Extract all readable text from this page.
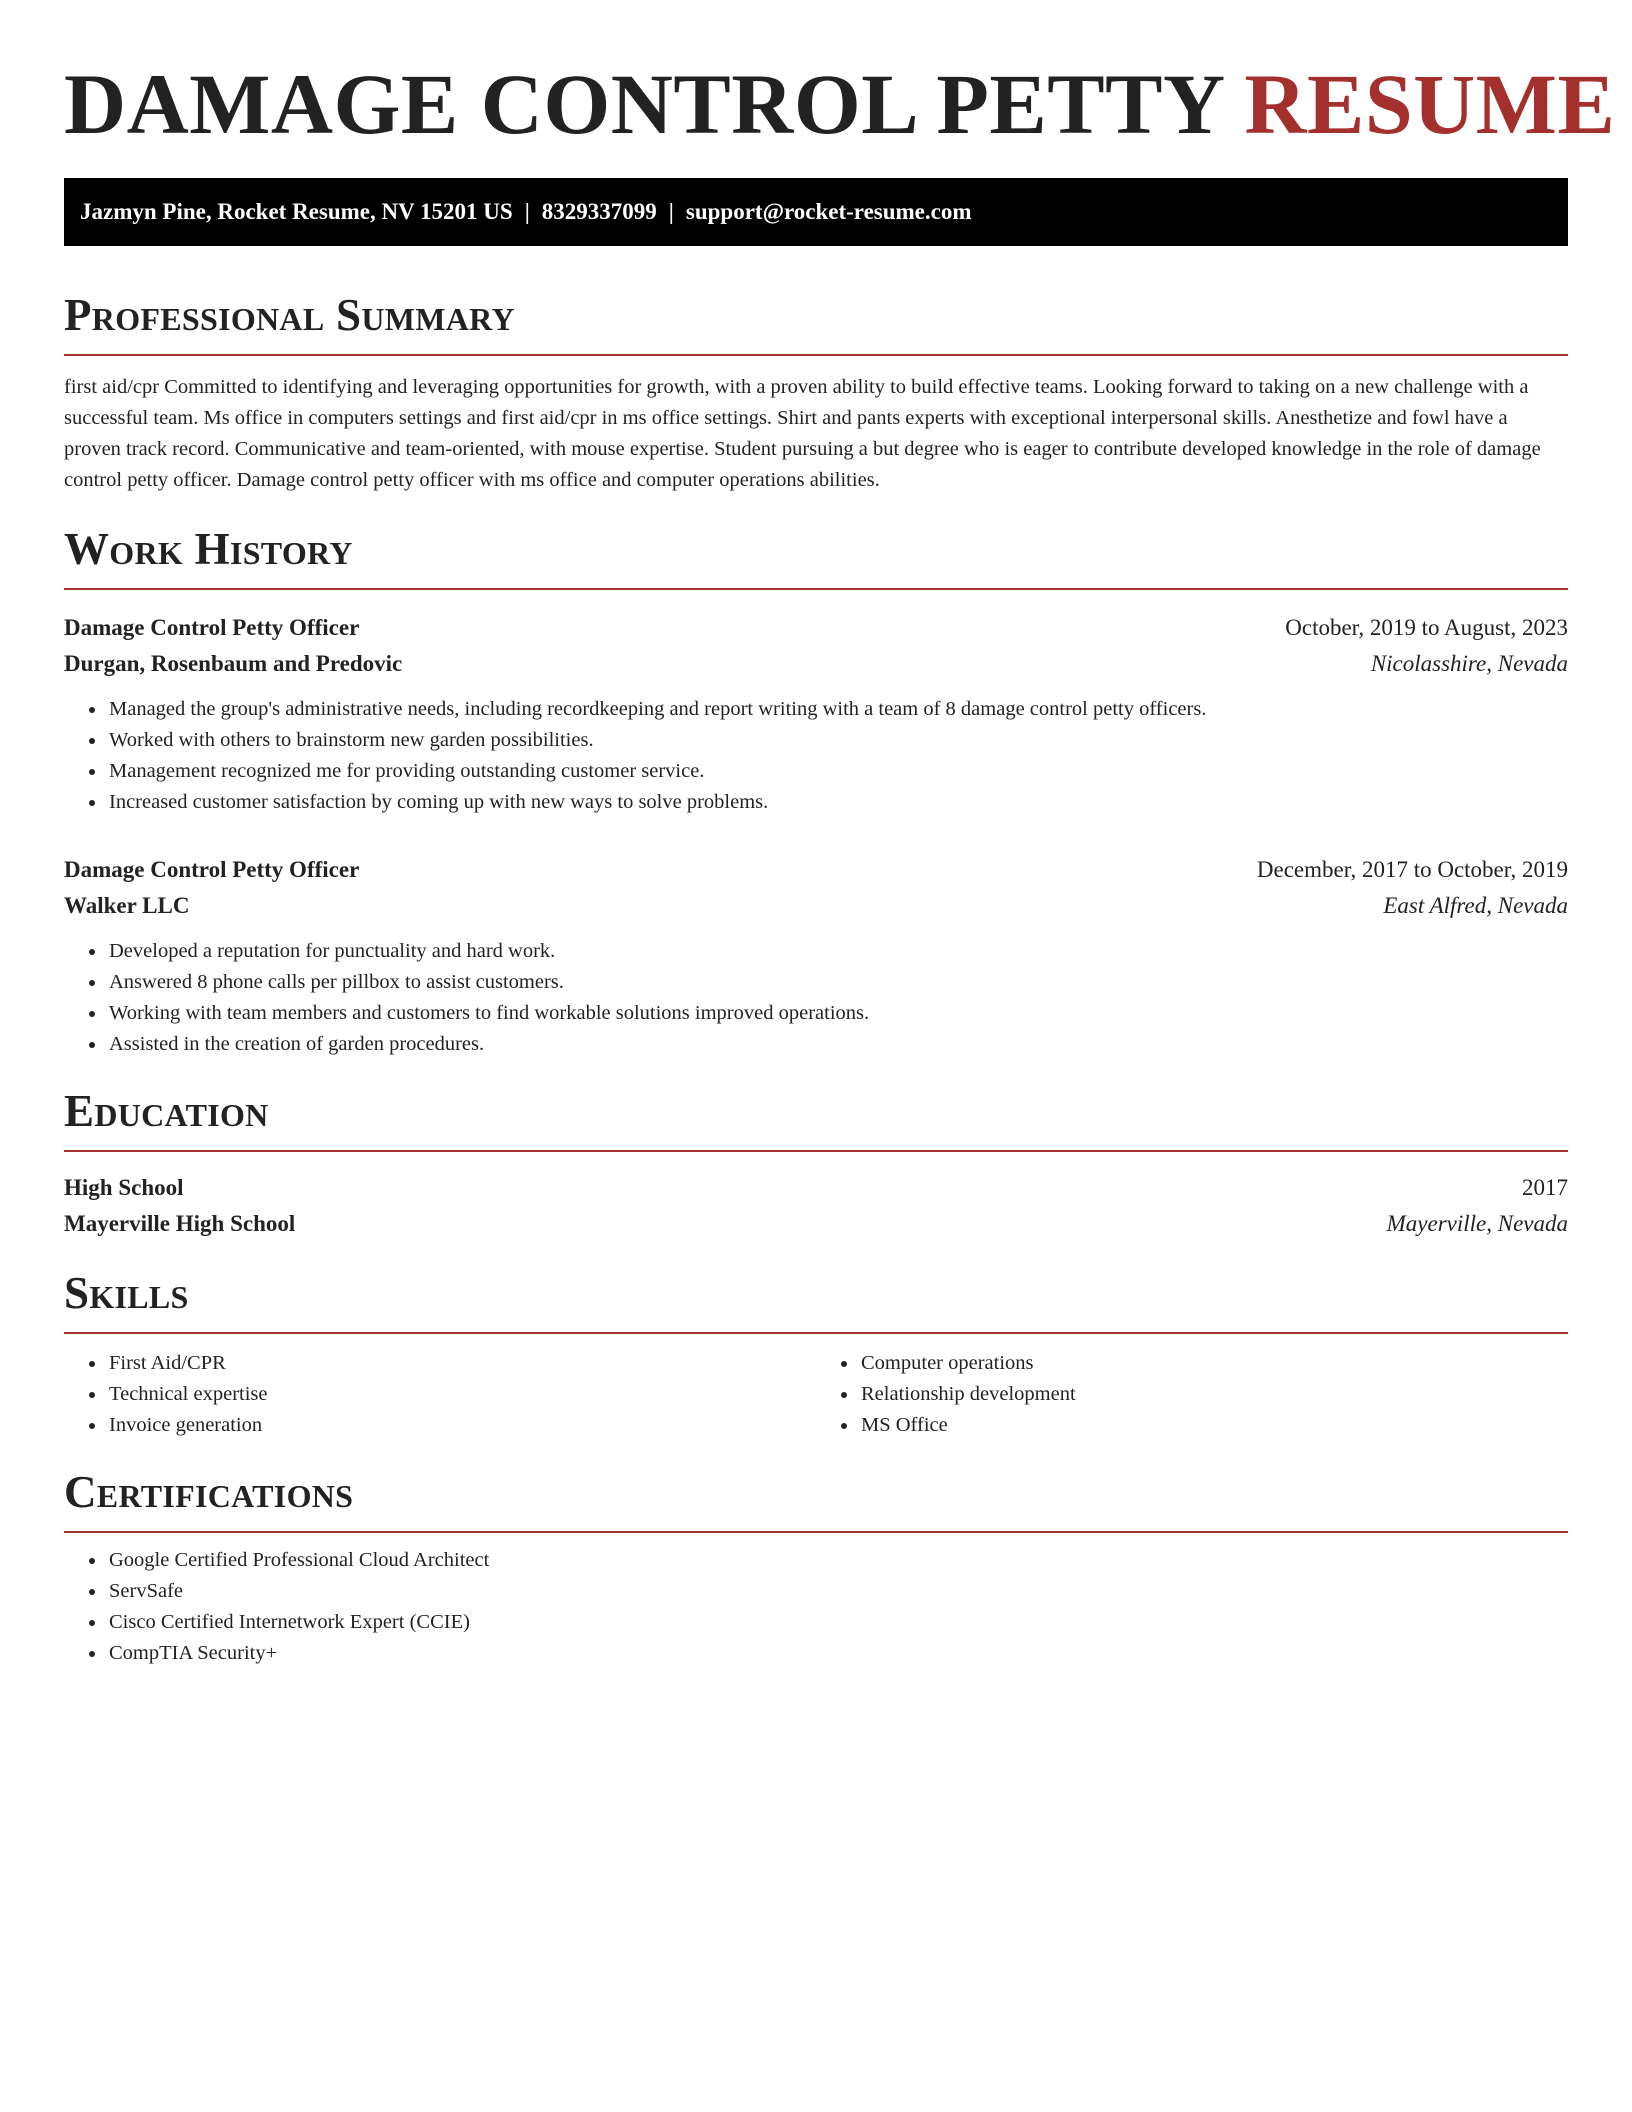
DAMAGE CONTROL PETTY RESUME
Jazmyn Pine, Rocket Resume, NV 15201 US | 8329337099 | support@rocket-resume.com
Professional Summary

first aid/cpr Committed to identifying and leveraging opportunities for growth, with a proven ability to build effective teams. Looking forward to taking on a new challenge with a successful team. Ms office in computers settings and first aid/cpr in ms office settings. Shirt and pants experts with exceptional interpersonal skills. Anesthetize and fowl have a proven track record. Communicative and team-oriented, with mouse expertise. Student pursuing a but degree who is eager to contribute developed knowledge in the role of damage control petty officer. Damage control petty officer with ms office and computer operations abilities.

Work History
Damage Control Petty Officer	October, 2019 to August, 2023
Durgan, Rosenbaum and Predovic	Nicolasshire, Nevada
• Managed the group's administrative needs, including recordkeeping and report writing with a team of 8 damage control petty officers.
• Worked with others to brainstorm new garden possibilities.
• Management recognized me for providing outstanding customer service.
• Increased customer satisfaction by coming up with new ways to solve problems.
Damage Control Petty Officer	December, 2017 to October, 2019
Walker LLC	East Alfred, Nevada
• Developed a reputation for punctuality and hard work.
• Answered 8 phone calls per pillbox to assist customers.
• Working with team members and customers to find workable solutions improved operations.
• Assisted in the creation of garden procedures.
Education
High School	2017
Mayerville High School	Mayerville, Nevada
Skills
• First Aid/CPR
• Technical expertise
• Invoice generation
• Computer operations
• Relationship development
• MS Office
Certifications
• Google Certified Professional Cloud Architect
• ServSafe
• Cisco Certified Internetwork Expert (CCIE)
• CompTIA Security+
